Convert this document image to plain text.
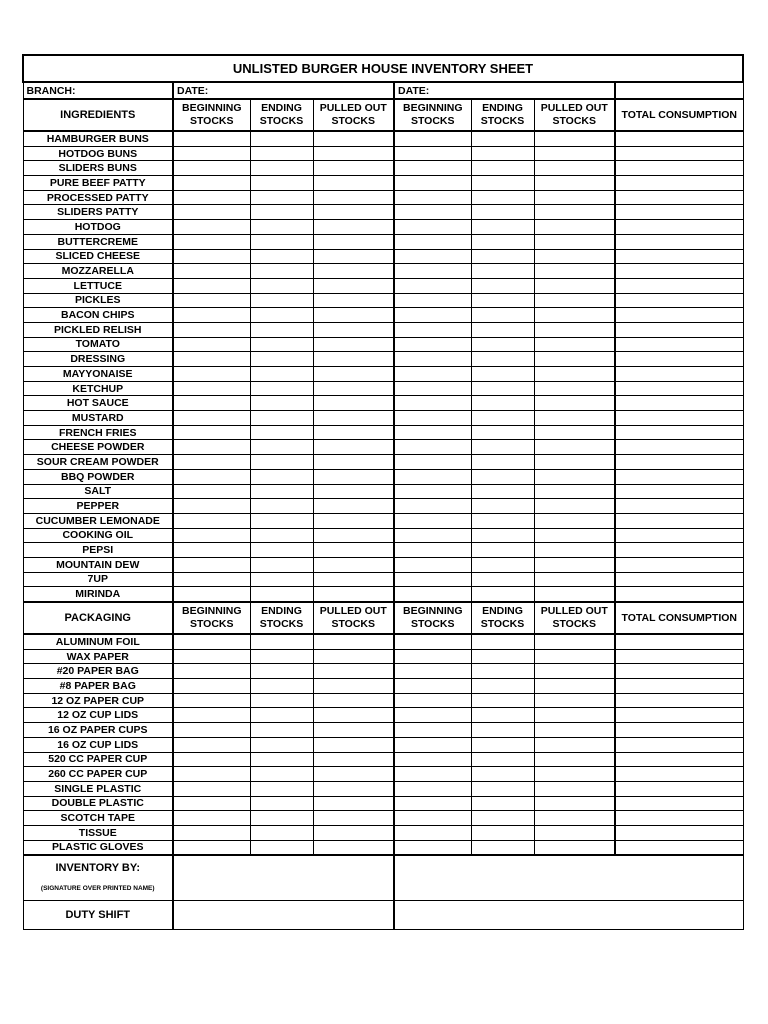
UNLISTED BURGER HOUSE INVENTORY SHEET							
BRANCH:	DATE:			DATE:			
INGREDIENTS	BEGINNING STOCKS	ENDING STOCKS	PULLED OUT STOCKS	BEGINNING STOCKS	ENDING STOCKS	PULLED OUT STOCKS	TOTAL CONSUMPTION
HAMBURGER BUNS							
HOTDOG BUNS							
SLIDERS BUNS							
PURE BEEF PATTY							
PROCESSED PATTY							
SLIDERS PATTY							
HOTDOG							
BUTTERCREME							
SLICED CHEESE							
MOZZARELLA							
LETTUCE							
PICKLES							
BACON CHIPS							
PICKLED RELISH							
TOMATO							
DRESSING							
MAYYONAISE							
KETCHUP							
HOT SAUCE							
MUSTARD							
FRENCH FRIES							
CHEESE POWDER							
SOUR CREAM POWDER							
BBQ POWDER							
SALT							
PEPPER							
CUCUMBER LEMONADE							
COOKING OIL							
PEPSI							
MOUNTAIN DEW							
7UP							
MIRINDA							
PACKAGING	BEGINNING STOCKS	ENDING STOCKS	PULLED OUT STOCKS	BEGINNING STOCKS	ENDING STOCKS	PULLED OUT STOCKS	TOTAL CONSUMPTION
ALUMINUM FOIL							
WAX PAPER							
#20 PAPER BAG							
#8 PAPER BAG							
12 OZ PAPER CUP							
12 OZ CUP LIDS							
16 OZ PAPER CUPS							
16 OZ CUP LIDS							
520 CC PAPER CUP							
260 CC PAPER CUP							
SINGLE PLASTIC							
DOUBLE PLASTIC							
SCOTCH TAPE							
TISSUE							
PLASTIC GLOVES							

INVENTORY BY:
(SIGNATURE OVER PRINTED NAME)							

DUTY SHIFT							
